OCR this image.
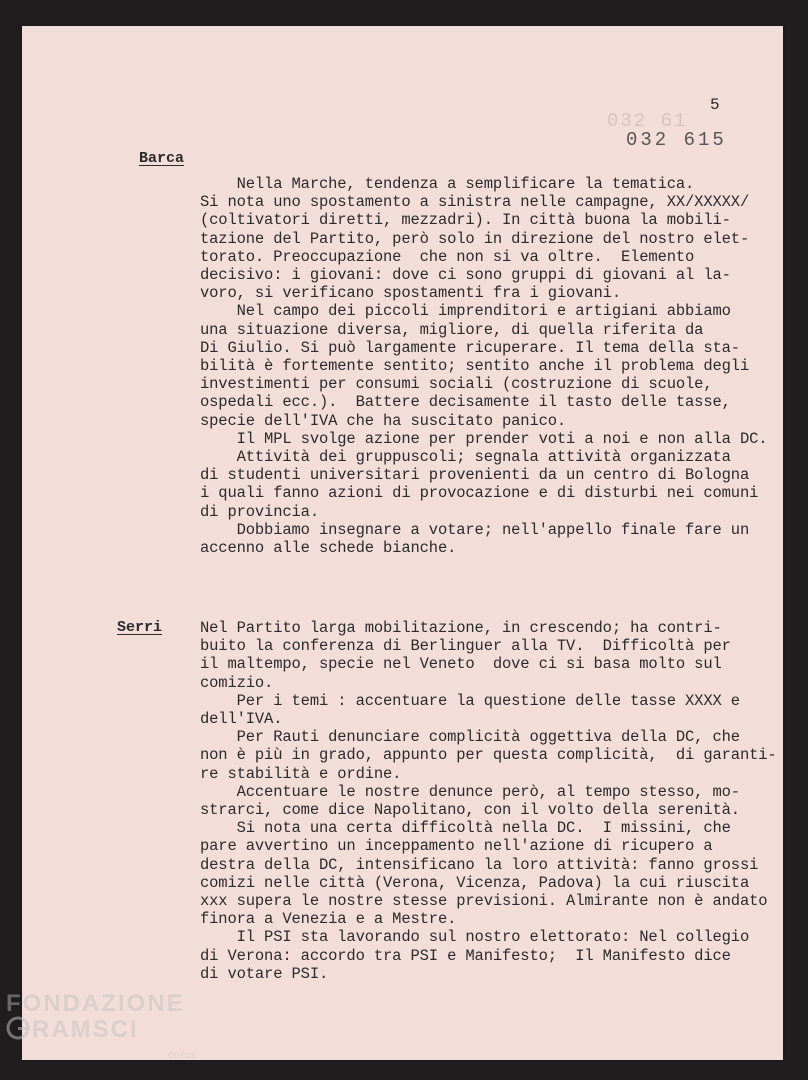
5
032 61
032 615
Barca
Nella Marche, tendenza a semplificare la tematica.
Si nota uno spostamento a sinistra nelle campagne, XX/XXXXX/
(coltivatori diretti, mezzadri). In città buona la mobili-
tazione del Partito, però solo in direzione del nostro elet-
torato. Preoccupazione  che non si va oltre.  Elemento
decisivo: i giovani: dove ci sono gruppi di giovani al la-
voro, si verificano spostamenti fra i giovani.
Nel campo dei piccoli imprenditori e artigiani abbiamo
una situazione diversa, migliore, di quella riferita da
Di Giulio. Si può largamente ricuperare. Il tema della sta-
bilità è fortemente sentito; sentito anche il problema degli
investimenti per consumi sociali (costruzione di scuole,
ospedali ecc.).  Battere decisamente il tasto delle tasse,
specie dell'IVA che ha suscitato panico.
Il MPL svolge azione per prender voti a noi e non alla DC.
Attività dei gruppuscoli; segnala attività organizzata
di studenti universitari provenienti da un centro di Bologna
i quali fanno azioni di provocazione e di disturbi nei comuni
di provincia.
Dobbiamo insegnare a votare; nell'appello finale fare un
accenno alle schede bianche.
Serri Nel Partito larga mobilitazione, in crescendo; ha contri-
buito la conferenza di Berlinguer alla TV.  Difficoltà per
il maltempo, specie nel Veneto  dove ci si basa molto sul
comizio.
Per i temi : accentuare la questione delle tasse XXXX e
dell'IVA.
Per Rauti denunciare complicità oggettiva della DC, che
non è più in grado, appunto per questa complicità,  di garanti-
re stabilità e ordine.
Accentuare le nostre denunce però, al tempo stesso, mo-
strarci, come dice Napolitano, con il volto della serenità.
Si nota una certa difficoltà nella DC.  I missini, che
pare avvertino un inceppamento nell'azione di ricupero a
destra della DC, intensificano la loro attività: fanno grossi
comizi nelle città (Verona, Vicenza, Padova) la cui riuscita
xxx supera le nostre stesse previsioni. Almirante non è andato
finora a Venezia e a Mestre.
Il PSI sta lavorando sul nostro elettorato: Nel collegio
di Verona: accordo tra PSI e Manifesto;  Il Manifesto dice
di votare PSI.
FONDAZIONE
RAMSCI
onlus
